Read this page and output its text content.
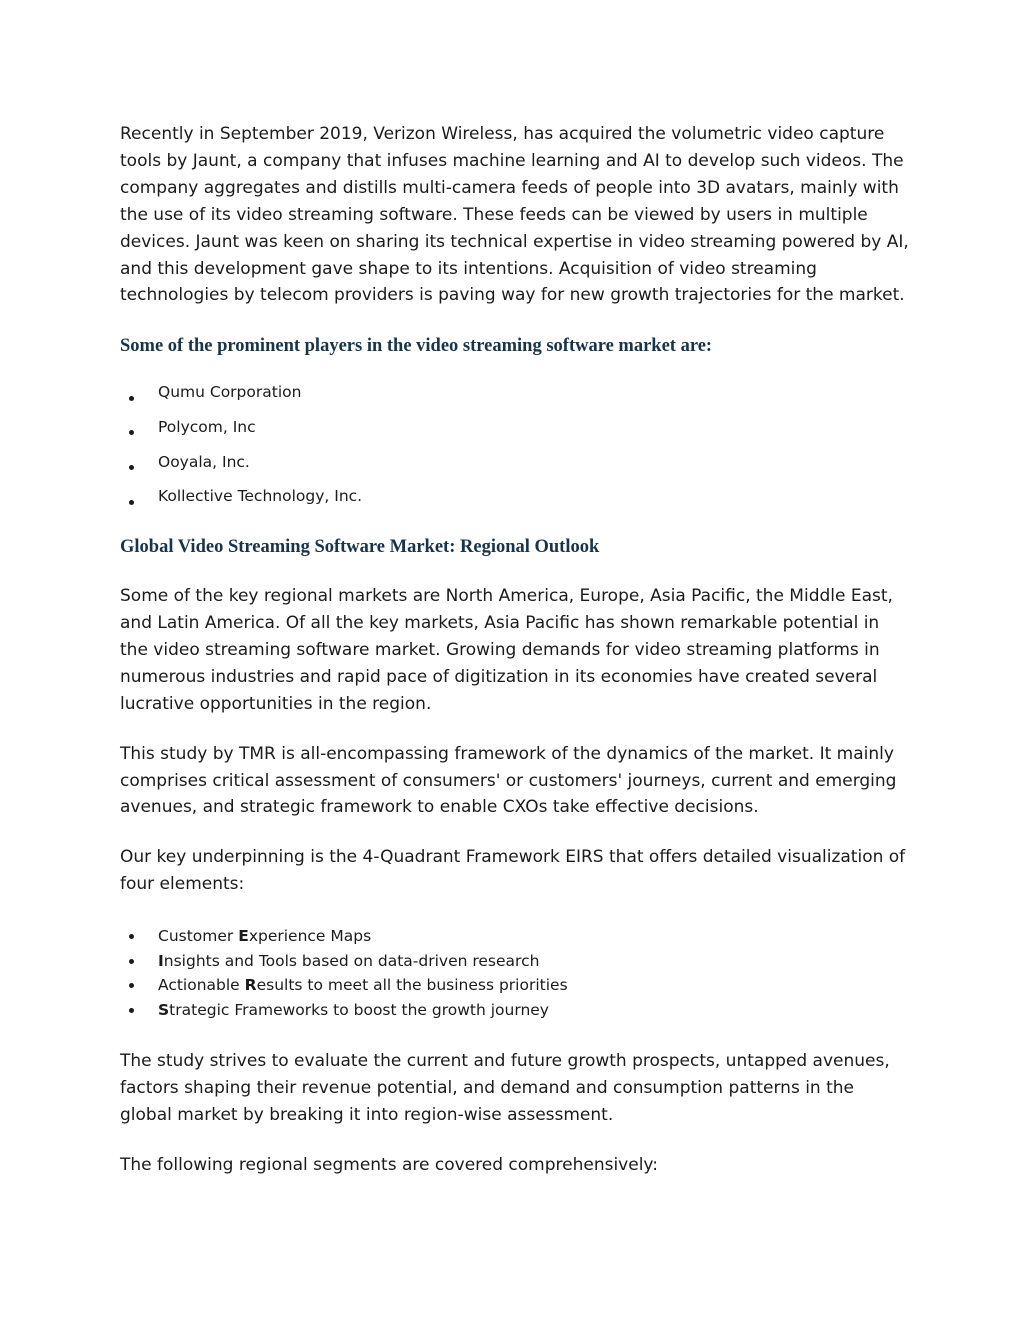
Recently in September 2019, Verizon Wireless, has acquired the volumetric video capture tools by Jaunt, a company that infuses machine learning and AI to develop such videos. The company aggregates and distills multi-camera feeds of people into 3D avatars, mainly with the use of its video streaming software. These feeds can be viewed by users in multiple devices. Jaunt was keen on sharing its technical expertise in video streaming powered by AI, and this development gave shape to its intentions. Acquisition of video streaming technologies by telecom providers is paving way for new growth trajectories for the market.

Some of the prominent players in the video streaming software market are:
Qumu Corporation
Polycom, Inc
Ooyala, Inc.
Kollective Technology, Inc.
Global Video Streaming Software Market: Regional Outlook

Some of the key regional markets are North America, Europe, Asia Pacific, the Middle East, and Latin America. Of all the key markets, Asia Pacific has shown remarkable potential in the video streaming software market. Growing demands for video streaming platforms in numerous industries and rapid pace of digitization in its economies have created several lucrative opportunities in the region.

This study by TMR is all-encompassing framework of the dynamics of the market. It mainly comprises critical assessment of consumers' or customers' journeys, current and emerging avenues, and strategic framework to enable CXOs take effective decisions.

Our key underpinning is the 4-Quadrant Framework EIRS that offers detailed visualization of four elements:

Customer Experience Maps
Insights and Tools based on data-driven research
Actionable Results to meet all the business priorities
Strategic Frameworks to boost the growth journey

The study strives to evaluate the current and future growth prospects, untapped avenues, factors shaping their revenue potential, and demand and consumption patterns in the global market by breaking it into region-wise assessment.

The following regional segments are covered comprehensively:
